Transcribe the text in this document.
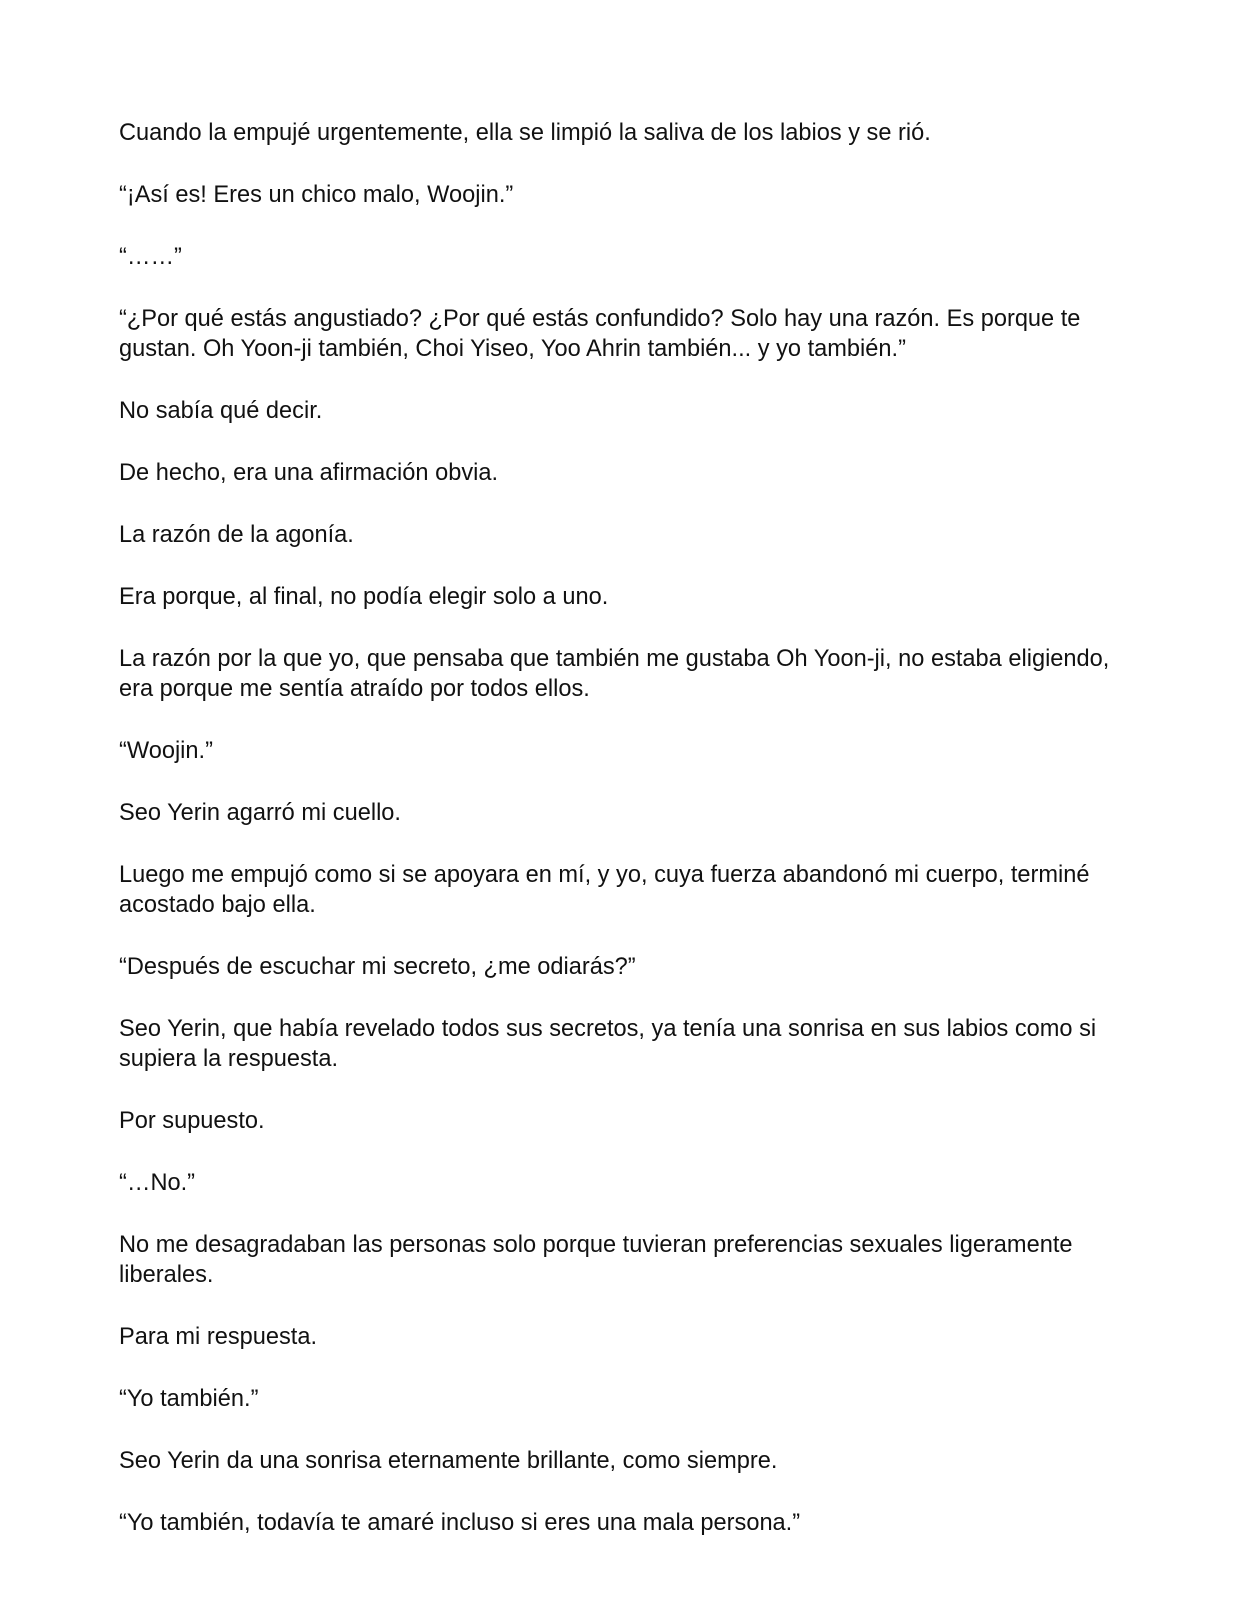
Cuando la empujé urgentemente, ella se limpió la saliva de los labios y se rió.

“¡Así es! Eres un chico malo, Woojin.”

“……”

“¿Por qué estás angustiado? ¿Por qué estás confundido? Solo hay una razón. Es porque te gustan. Oh Yoon-ji también, Choi Yiseo, Yoo Ahrin también... y yo también.”

No sabía qué decir.

De hecho, era una afirmación obvia.

La razón de la agonía.

Era porque, al final, no podía elegir solo a uno.

La razón por la que yo, que pensaba que también me gustaba Oh Yoon-ji, no estaba eligiendo, era porque me sentía atraído por todos ellos.

“Woojin.”

Seo Yerin agarró mi cuello.

Luego me empujó como si se apoyara en mí, y yo, cuya fuerza abandonó mi cuerpo, terminé acostado bajo ella.

“Después de escuchar mi secreto, ¿me odiarás?”

Seo Yerin, que había revelado todos sus secretos, ya tenía una sonrisa en sus labios como si supiera la respuesta.

Por supuesto.

“…No.”

No me desagradaban las personas solo porque tuvieran preferencias sexuales ligeramente liberales.

Para mi respuesta.

“Yo también.”

Seo Yerin da una sonrisa eternamente brillante, como siempre.

“Yo también, todavía te amaré incluso si eres una mala persona.”
